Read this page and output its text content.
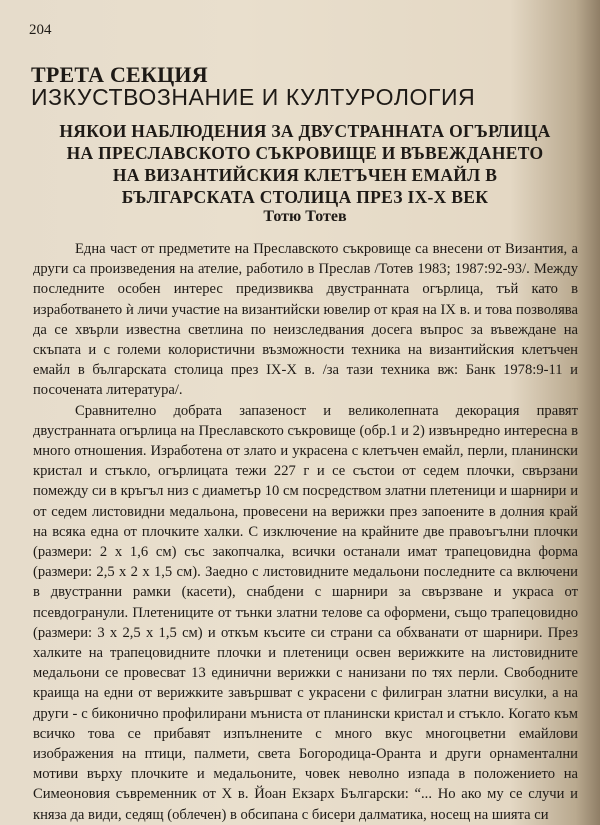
204
ТРЕТА СЕКЦИЯ
ИЗКУСТВОЗНАНИЕ И КУЛТУРОЛОГИЯ
НЯКОИ НАБЛЮДЕНИЯ ЗА ДВУСТРАННАТА ОГЪРЛИЦА
НА ПРЕСЛАВСКОТО СЪКРОВИЩЕ И ВЪВЕЖДАНЕТО
НА ВИЗАНТИЙСКИЯ КЛЕТЪЧЕН ЕМАЙЛ В
БЪЛГАРСКАТА СТОЛИЦА ПРЕЗ IX-X ВЕК
Тотю Тотев

Една част от предметите на Преславското съкровище са внесени от Византия, а други са произведения на ателие, работило в Преслав /Тотев 1983; 1987:92-93/. Между последните особен интерес предизвиква двустранната огърлица, тъй като в изработването ѝ личи участие на византийски ювелир от края на IX в. и това позволява да се хвърли известна светлина по неизследвания досега въпрос за въвеждане на скъпата и с големи колористични възможности техника на византийския клетъчен емайл в българската столица през IX-X в. /за тази техника вж: Банк 1978:9-11 и посочената литература/.

Сравнително добрата запазеност и великолепната декорация правят двустранната огърлица на Преславското съкровище (обр.1 и 2) извънредно интересна в много отношения. Изработена от злато и украсена с клетъчен емайл, перли, планински кристал и стъкло, огърлицата тежи 227 г и се състои от седем плочки, свързани помежду си в кръгъл низ с диаметър 10 см посредством златни плетеници и шарнири и от седем листовидни медальона, провесени на верижки през запоените в долния край на всяка една от плочките халки. С изключение на крайните две правоъгълни плочки (размери: 2 х 1,6 см) със закопчалка, всички останали имат трапецовидна форма (размери: 2,5 х 2 х 1,5 см). Заедно с листовидните медальони последните са включени в двустранни рамки (касети), снабдени с шарнири за свързване и украса от псевдогранули. Плетениците от тънки златни телове са оформени, също трапецовидно (размери: 3 х 2,5 х 1,5 см) и откъм късите си страни са обхванати от шарнири. През халките на трапецовидните плочки и плетеници освен верижките на листовидните медальони се провесват 13 единични верижки с нанизани по тях перли. Свободните краища на едни от верижките завършват с украсени с филигран златни висулки, а на други - с биконично профилирани мъниста от планински кристал и стъкло. Когато към всичко това се прибавят изпълнените с много вкус многоцветни емайлови изображения на птици, палмети, света Богородица-Оранта и други орнаментални мотиви върху плочките и медальоните, човек неволно изпада в положението на Симеоновия съвременник от X в. Йоан Екзарх Български: “... Но ако му се случи и княза да види, седящ (облечен) в обсипана с бисери далматика, носещ на шията си
